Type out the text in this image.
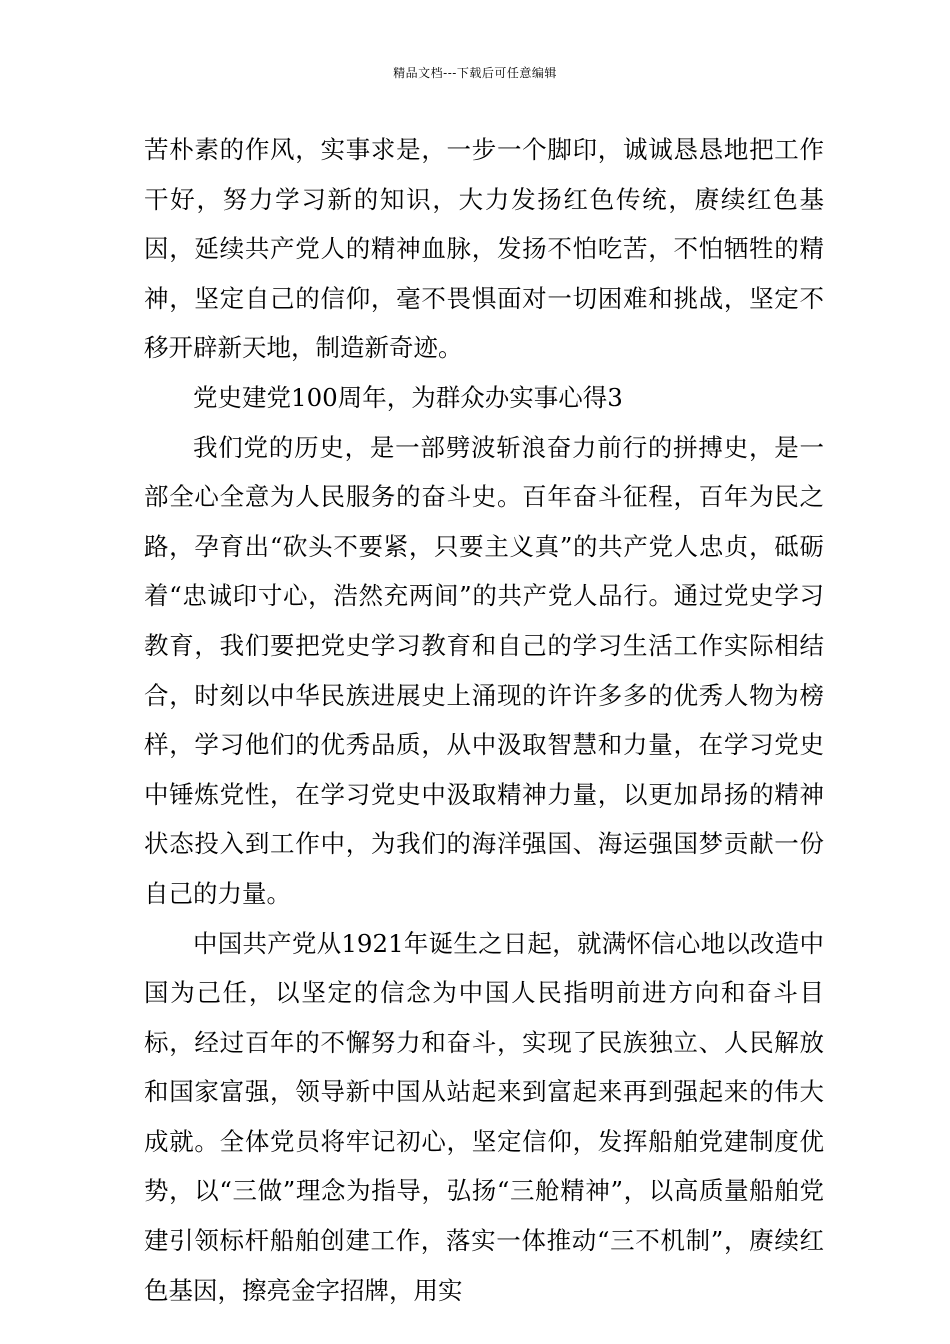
精品文档---下载后可任意编辑

苦朴素的作风，实事求是，一步一个脚印，诚诚恳恳地把工作干好，努力学习新的知识，大力发扬红色传统，赓续红色基因，延续共产党人的精神血脉，发扬不怕吃苦，不怕牺牲的精神，坚定自己的信仰，毫不畏惧面对一切困难和挑战，坚定不移开辟新天地，制造新奇迹。

党史建党100周年，为群众办实事心得3

我们党的历史，是一部劈波斩浪奋力前行的拼搏史，是一部全心全意为人民服务的奋斗史。百年奋斗征程，百年为民之路，孕育出“砍头不要紧，只要主义真”的共产党人忠贞，砥砺着“忠诚印寸心，浩然充两间”的共产党人品行。通过党史学习教育，我们要把党史学习教育和自己的学习生活工作实际相结合，时刻以中华民族进展史上涌现的许许多多的优秀人物为榜样，学习他们的优秀品质，从中汲取智慧和力量，在学习党史中锤炼党性，在学习党史中汲取精神力量，以更加昂扬的精神状态投入到工作中，为我们的海洋强国、海运强国梦贡献一份自己的力量。

中国共产党从1921年诞生之日起，就满怀信心地以改造中国为己任，以坚定的信念为中国人民指明前进方向和奋斗目标，经过百年的不懈努力和奋斗，实现了民族独立、人民解放和国家富强，领导新中国从站起来到富起来再到强起来的伟大成就。全体党员将牢记初心，坚定信仰，发挥船舶党建制度优势，以“三做”理念为指导，弘扬“三舱精神”，以高质量船舶党建引领标杆船舶创建工作，落实一体推动“三不机制”，赓续红色基因，擦亮金字招牌，用实
